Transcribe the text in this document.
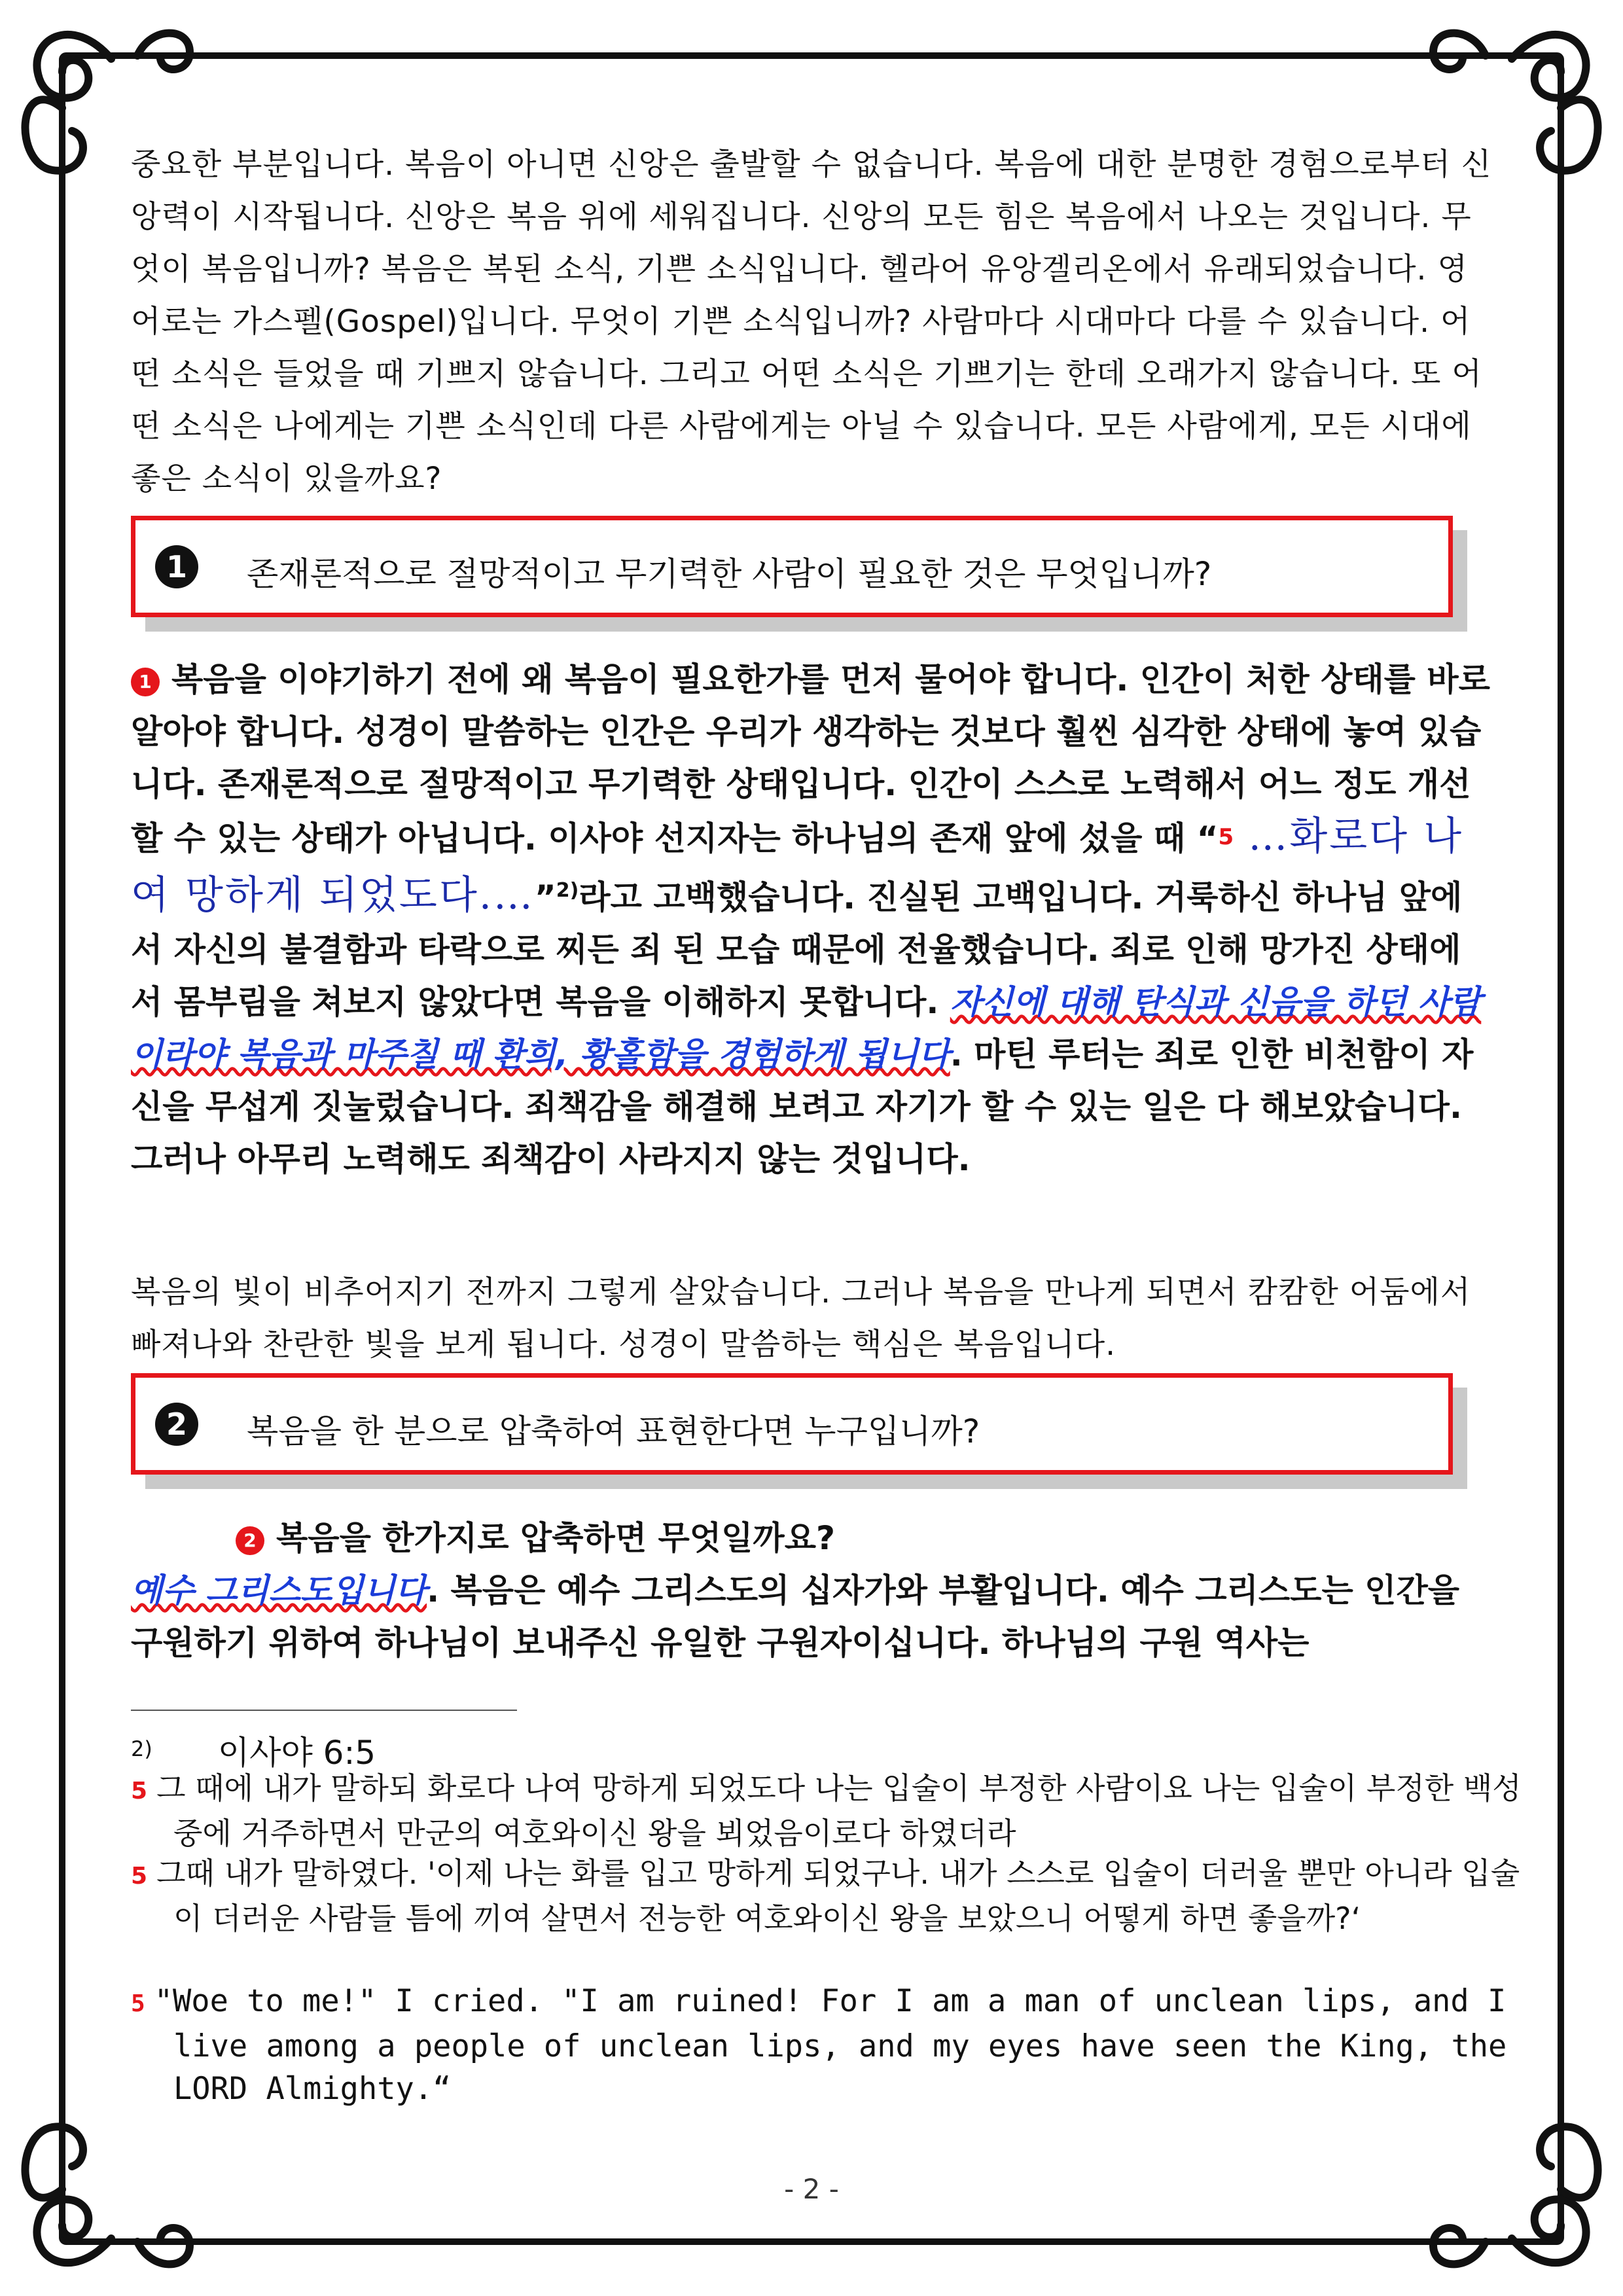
중요한 부분입니다. 복음이 아니면 신앙은 출발할 수 없습니다. 복음에 대한 분명한 경험으로부터 신앙력이 시작됩니다. 신앙은 복음 위에 세워집니다. 신앙의 모든 힘은 복음에서 나오는 것입니다. 무엇이 복음입니까? 복음은 복된 소식, 기쁜 소식입니다. 헬라어 유앙겔리온에서 유래되었습니다. 영어로는 가스펠(Gospel)입니다. 무엇이 기쁜 소식입니까? 사람마다 시대마다 다를 수 있습니다. 어떤 소식은 들었을 때 기쁘지 않습니다. 그리고 어떤 소식은 기쁘기는 한데 오래가지 않습니다. 또 어떤 소식은 나에게는 기쁜 소식인데 다른 사람에게는 아닐 수 있습니다. 모든 사람에게, 모든 시대에 좋은 소식이 있을까요?

1	존재론적으로 절망적이고 무기력한 사람이 필요한 것은 무엇입니까?

1 복음을 이야기하기 전에 왜 복음이 필요한가를 먼저 물어야 합니다. 인간이 처한 상태를 바로 알아야 합니다. 성경이 말씀하는 인간은 우리가 생각하는 것보다 훨씬 심각한 상태에 놓여 있습니다. 존재론적으로 절망적이고 무기력한 상태입니다. 인간이 스스로 노력해서 어느 정도 개선할 수 있는 상태가 아닙니다. 이사야 선지자는 하나님의 존재 앞에 섰을 때 “5 …화로다 나여 망하게 되었도다.…”$^{2)}$라고 고백했습니다. 진실된 고백입니다. 거룩하신 하나님 앞에서 자신의 불결함과 타락으로 찌든 죄 된 모습 때문에 전율했습니다. 죄로 인해 망가진 상태에서 몸부림을 쳐보지 않았다면 복음을 이해하지 못합니다. 자신에 대해 탄식과 신음을 하던 사람이라야 복음과 마주칠 때 환희, 황홀함을 경험하게 됩니다. 마틴 루터는 죄로 인한 비천함이 자신을 무섭게 짓눌렀습니다. 죄책감을 해결해 보려고 자기가 할 수 있는 일은 다 해보았습니다. 그러나 아무리 노력해도 죄책감이 사라지지 않는 것입니다.

복음의 빛이 비추어지기 전까지 그렇게 살았습니다. 그러나 복음을 만나게 되면서 캄캄한 어둠에서 빠져나와 찬란한 빛을 보게 됩니다. 성경이 말씀하는 핵심은 복음입니다.

2	복음을 한 분으로 압축하여 표현한다면 누구입니까?

2 복음을 한가지로 압축하면 무엇일까요?

예수 그리스도입니다. 복음은 예수 그리스도의 십자가와 부활입니다. 예수 그리스도는 인간을 구원하기 위하여 하나님이 보내주신 유일한 구원자이십니다. 하나님의 구원 역사는

$^{2)}$ 이사야 6:5

5 그 때에 내가 말하되 화로다 나여 망하게 되었도다 나는 입술이 부정한 사람이요 나는 입술이 부정한 백성 중에 거주하면서 만군의 여호와이신 왕을 뵈었음이로다 하였더라

5 그때 내가 말하였다. '이제 나는 화를 입고 망하게 되었구나. 내가 스스로 입술이 더러울 뿐만 아니라 입술이 더러운 사람들 틈에 끼여 살면서 전능한 여호와이신 왕을 보았으니 어떻게 하면 좋을까?‘

5 "Woe to me!" I cried. "I am ruined! For I am a man of unclean lips, and I live among a people of unclean lips, and my eyes have seen the King, the LORD Almighty.“

- 2 -
